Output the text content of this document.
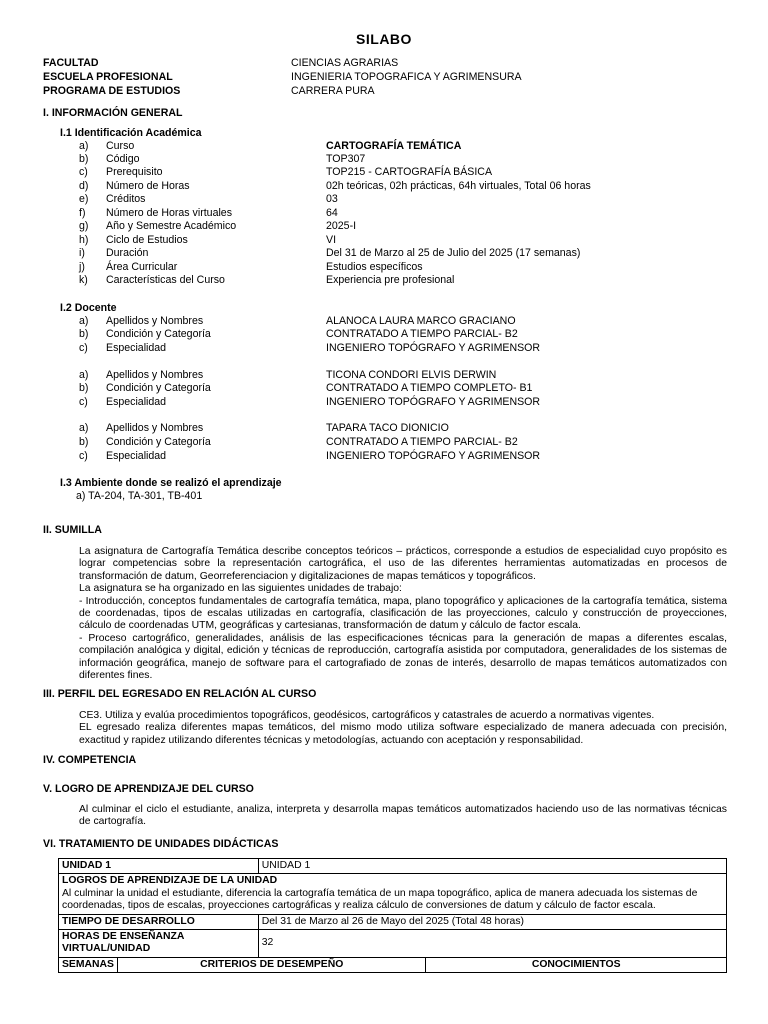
SILABO
FACULTAD	CIENCIAS AGRARIAS
ESCUELA PROFESIONAL	INGENIERIA TOPOGRAFICA Y AGRIMENSURA
PROGRAMA DE ESTUDIOS	CARRERA PURA
I. INFORMACIÓN GENERAL
I.1 Identificación Académica
a) Curso	CARTOGRAFÍA TEMÁTICA
b) Código	TOP307
c) Prerequisito	TOP215 - CARTOGRAFÍA BÁSICA
d) Número de Horas	02h teóricas, 02h prácticas, 64h virtuales, Total 06 horas
e) Créditos	03
f) Número de Horas virtuales	64
g) Año y Semestre Académico	2025-I
h) Ciclo de Estudios	VI
i) Duración	Del 31 de Marzo al 25 de Julio del 2025 (17 semanas)
j) Área Curricular	Estudios específicos
k) Características del Curso	Experiencia pre profesional
I.2 Docente
a) Apellidos y Nombres	ALANOCA LAURA MARCO GRACIANO
b) Condición y Categoría	CONTRATADO A TIEMPO PARCIAL- B2
c) Especialidad	INGENIERO TOPÓGRAFO Y AGRIMENSOR
a) Apellidos y Nombres	TICONA CONDORI ELVIS DERWIN
b) Condición y Categoría	CONTRATADO A TIEMPO COMPLETO- B1
c) Especialidad	INGENIERO TOPÓGRAFO Y AGRIMENSOR
a) Apellidos y Nombres	TAPARA TACO DIONICIO
b) Condición y Categoría	CONTRATADO A TIEMPO PARCIAL- B2
c) Especialidad	INGENIERO TOPÓGRAFO Y AGRIMENSOR
I.3 Ambiente donde se realizó el aprendizaje
a) TA-204, TA-301, TB-401
II. SUMILLA

La asignatura de Cartografía Temática describe conceptos teóricos – prácticos, corresponde a estudios de especialidad cuyo propósito es lograr competencias sobre la representación cartográfica, el uso de las diferentes herramientas automatizadas en procesos de transformación de datum, Georreferenciacion y digitalizaciones de mapas temáticos y topográficos.

La asignatura se ha organizado en las siguientes unidades de trabajo:

- Introducción, conceptos fundamentales de cartografía temática, mapa, plano topográfico y aplicaciones de la cartografía temática, sistema de coordenadas, tipos de escalas utilizadas en cartografía, clasificación de las proyecciones, calculo y construcción de proyecciones, cálculo de coordenadas UTM, geográficas y cartesianas, transformación de datum y cálculo de factor escala.

- Proceso cartográfico, generalidades, análisis de las especificaciones técnicas para la generación de mapas a diferentes escalas, compilación analógica y digital, edición y técnicas de reproducción, cartografía asistida por computadora, generalidades de los sistemas de información geográfica, manejo de software para el cartografiado de zonas de interés, desarrollo de mapas temáticos automatizados con diferentes fines.

III. PERFIL DEL EGRESADO EN RELACIÓN AL CURSO

CE3. Utiliza y evalúa procedimientos topográficos, geodésicos, cartográficos y catastrales de acuerdo a normativas vigentes.

EL egresado realiza diferentes mapas temáticos, del mismo modo utiliza software especializado de manera adecuada con precisión, exactitud y rapidez utilizando diferentes técnicas y metodologías, actuando con aceptación y responsabilidad.

IV. COMPETENCIA
V. LOGRO DE APRENDIZAJE DEL CURSO
Al culminar el ciclo el estudiante, analiza, interpreta y desarrolla mapas temáticos automatizados haciendo uso de las normativas técnicas de cartografía.
VI. TRATAMIENTO DE UNIDADES DIDÁCTICAS
UNIDAD 1		UNIDAD 1	

LOGROS DE APRENDIZAJE DE LA UNIDAD
Al culminar la unidad el estudiante, diferencia la cartografía temática de un mapa topográfico, aplica de manera adecuada los sistemas de coordenadas, tipos de escalas, proyecciones cartográficas y realiza cálculo de conversiones de datum y cálculo de factor escala.			

TIEMPO DE DESARROLLO		Del 31 de Marzo al 26 de Mayo del 2025 (Total 48 horas)	
HORAS DE ENSEÑANZA VIRTUAL/UNIDAD		32	
SEMANAS	CRITERIOS DE DESEMPEÑO		CONOCIMIENTOS
